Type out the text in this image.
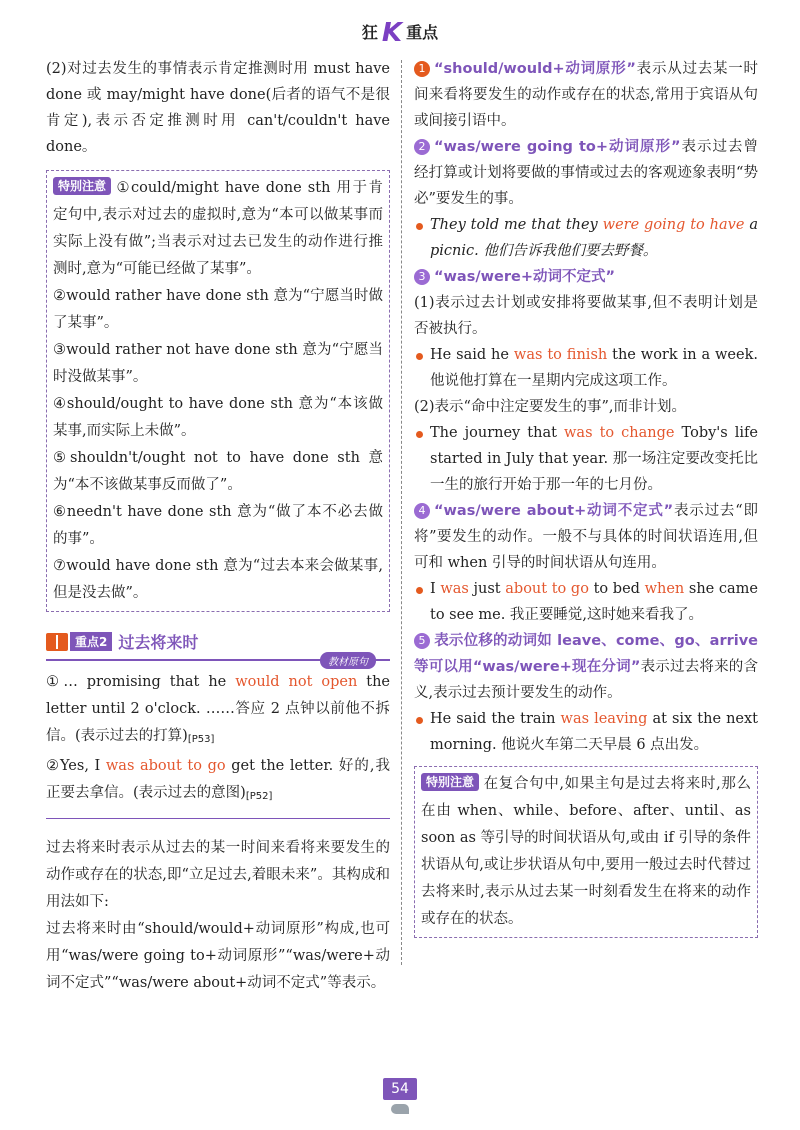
狂 K 重点

(2)对过去发生的事情表示肯定推测时用 must have done 或 may/might have done(后者的语气不是很肯定),表示否定推测时用 can't/couldn't have done。

特别注意 ①could/might have done sth 用于肯定句中,表示对过去的虚拟时,意为“本可以做某事而实际上没有做”;当表示对过去已发生的动作进行推测时,意为“可能已经做了某事”。

②would rather have done sth 意为“宁愿当时做了某事”。

③would rather not have done sth 意为“宁愿当时没做某事”。

④should/ought to have done sth 意为“本该做某事,而实际上未做”。

⑤shouldn't/ought not to have done sth 意为“本不该做某事反而做了”。

⑥needn't have done sth 意为“做了本不必去做的事”。

⑦would have done sth 意为“过去本来会做某事,但是没去做”。

重点2 过去将来时
教材原句

①… promising that he would not open the letter until 2 o'clock. ……答应 2 点钟以前他不拆信。(表示过去的打算)[P53]

②Yes, I was about to go get the letter. 好的,我正要去拿信。(表示过去的意图)[P52]

过去将来时表示从过去的某一时间来看将来要发生的动作或存在的状态,即“立足过去,着眼未来”。其构成和用法如下:

过去将来时由“should/would+动词原形”构成,也可用“was/were going to+动词原形”“was/were+动词不定式”“was/were about+动词不定式”等表示。

1 “should/would+动词原形”表示从过去某一时间来看将要发生的动作或存在的状态,常用于宾语从句或间接引语中。

2 “was/were going to+动词原形”表示过去曾经打算或计划将要做的事情或过去的客观迹象表明“势必”要发生的事。

They told me that they were going to have a picnic. 他们告诉我他们要去野餐。

3 “was/were+动词不定式”

(1)表示过去计划或安排将要做某事,但不表明计划是否被执行。

He said he was to finish the work in a week. 他说他打算在一星期内完成这项工作。

(2)表示“命中注定要发生的事”,而非计划。

The journey that was to change Toby's life started in July that year. 那一场注定要改变托比一生的旅行开始于那一年的七月份。

4 “was/were about+动词不定式”表示过去“即将”要发生的动作。一般不与具体的时间状语连用,但可和 when 引导的时间状语从句连用。

I was just about to go to bed when she came to see me. 我正要睡觉,这时她来看我了。

5 表示位移的动词如 leave、come、go、arrive 等可以用“was/were+现在分词”表示过去将来的含义,表示过去预计要发生的动作。

He said the train was leaving at six the next morning. 他说火车第二天早晨 6 点出发。

特别注意 在复合句中,如果主句是过去将来时,那么在由 when、while、before、after、until、as soon as 等引导的时间状语从句,或由 if 引导的条件状语从句,或让步状语从句中,要用一般过去时代替过去将来时,表示从过去某一时刻看发生在将来的动作或存在的状态。

54
